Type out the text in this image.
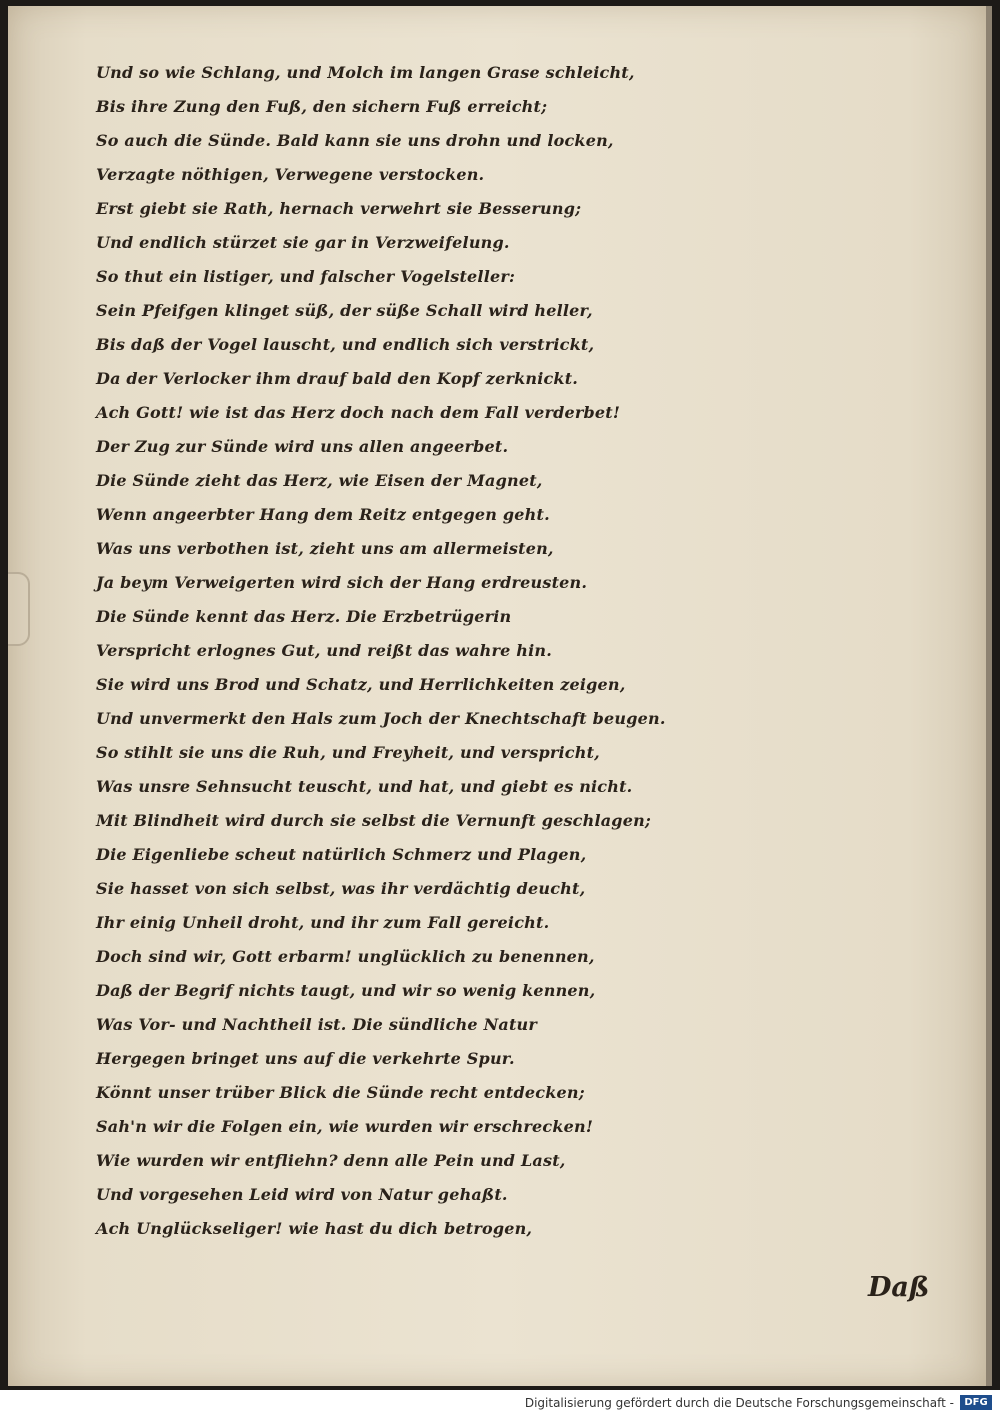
Und so wie Schlang, und Molch im langen Grase schleicht,
Bis ihre Zung den Fuß, den sichern Fuß erreicht;
So auch die Sünde. Bald kann sie uns drohn und locken,
Verzagte nöthigen, Verwegene verstocken.
Erst giebt sie Rath, hernach verwehrt sie Besserung;
Und endlich stürzet sie gar in Verzweifelung.
So thut ein listiger, und falscher Vogelsteller:
Sein Pfeifgen klinget süß, der süße Schall wird heller,
Bis daß der Vogel lauscht, und endlich sich verstrickt,
Da der Verlocker ihm drauf bald den Kopf zerknickt.
Ach Gott! wie ist das Herz doch nach dem Fall verderbet!
Der Zug zur Sünde wird uns allen angeerbet.
Die Sünde zieht das Herz, wie Eisen der Magnet,
Wenn angeerbter Hang dem Reitz entgegen geht.
Was uns verbothen ist, zieht uns am allermeisten,
Ja beym Verweigerten wird sich der Hang erdreusten.
Die Sünde kennt das Herz. Die Erzbetrügerin
Verspricht erlognes Gut, und reißt das wahre hin.
Sie wird uns Brod und Schatz, und Herrlichkeiten zeigen,
Und unvermerkt den Hals zum Joch der Knechtschaft beugen.
So stihlt sie uns die Ruh, und Freyheit, und verspricht,
Was unsre Sehnsucht teuscht, und hat, und giebt es nicht.
Mit Blindheit wird durch sie selbst die Vernunft geschlagen;
Die Eigenliebe scheut natürlich Schmerz und Plagen,
Sie hasset von sich selbst, was ihr verdächtig deucht,
Ihr einig Unheil droht, und ihr zum Fall gereicht.
Doch sind wir, Gott erbarm! unglücklich zu benennen,
Daß der Begrif nichts taugt, und wir so wenig kennen,
Was Vor- und Nachtheil ist. Die sündliche Natur
Hergegen bringet uns auf die verkehrte Spur.
Könnt unser trüber Blick die Sünde recht entdecken;
Sah'n wir die Folgen ein, wie wurden wir erschrecken!
Wie wurden wir entfliehn? denn alle Pein und Last,
Und vorgesehen Leid wird von Natur gehaßt.
Ach Unglückseliger! wie hast du dich betrogen,
Daß
Digitalisierung gefördert durch die Deutsche Forschungsgemeinschaft -	DFG
